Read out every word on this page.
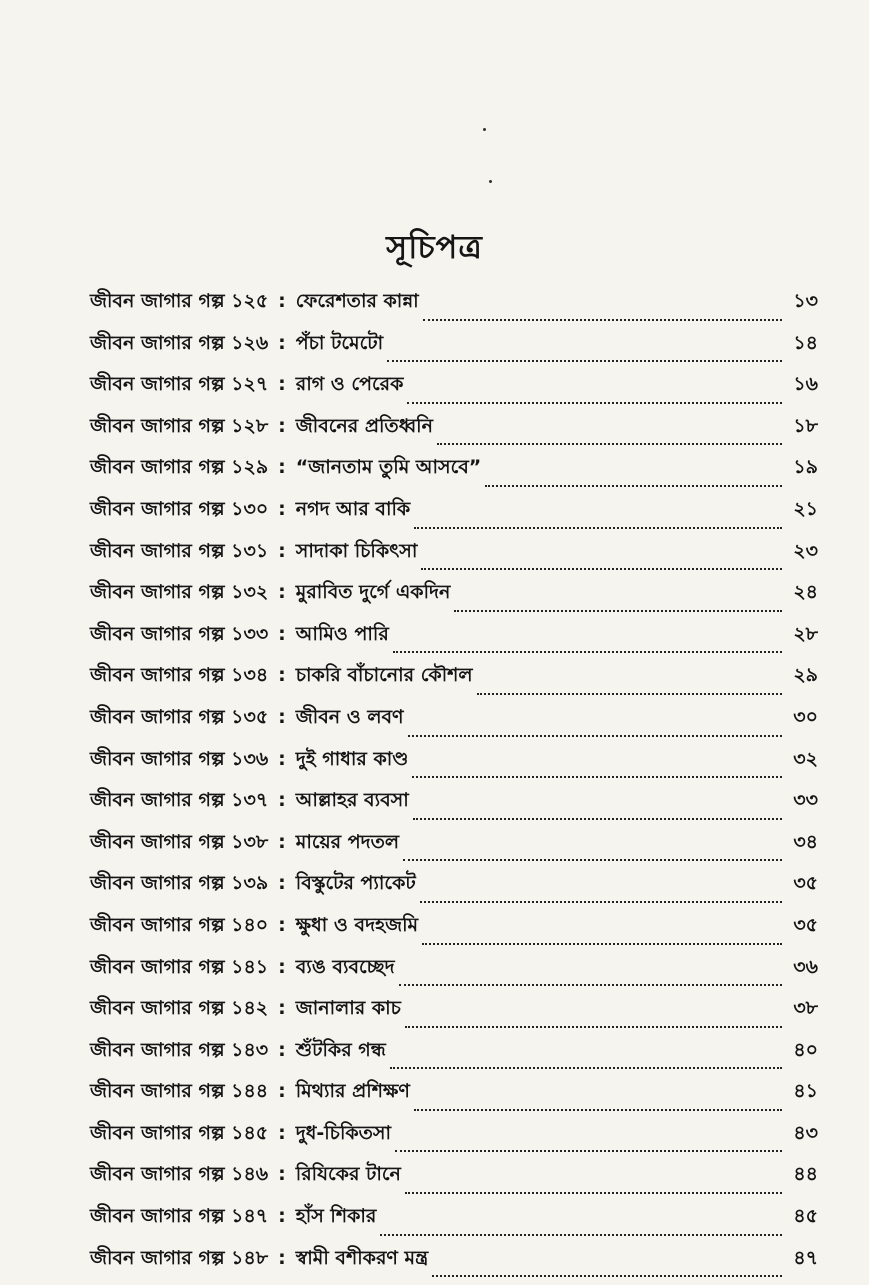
সূচিপত্র
জীবন জাগার গল্প ১২৫ : ফেরেশতার কান্না	১৩
জীবন জাগার গল্প ১২৬ : পঁচা টমেটো	১৪
জীবন জাগার গল্প ১২৭ : রাগ ও পেরেক	১৬
জীবন জাগার গল্প ১২৮ : জীবনের প্রতিধ্বনি	১৮
জীবন জাগার গল্প ১২৯ : “জানতাম তুমি আসবে”	১৯
জীবন জাগার গল্প ১৩০ : নগদ আর বাকি	২১
জীবন জাগার গল্প ১৩১ : সাদাকা চিকিৎসা	২৩
জীবন জাগার গল্প ১৩২ : মুরাবিত দুর্গে একদিন	২৪
জীবন জাগার গল্প ১৩৩ : আমিও পারি	২৮
জীবন জাগার গল্প ১৩৪ : চাকরি বাঁচানোর কৌশল	২৯
জীবন জাগার গল্প ১৩৫ : জীবন ও লবণ	৩০
জীবন জাগার গল্প ১৩৬ : দুই গাধার কাণ্ড	৩২
জীবন জাগার গল্প ১৩৭ : আল্লাহর ব্যবসা	৩৩
জীবন জাগার গল্প ১৩৮ : মায়ের পদতল	৩৪
জীবন জাগার গল্প ১৩৯ : বিস্কুটের প্যাকেট	৩৫
জীবন জাগার গল্প ১৪০ : ক্ষুধা ও বদহজমি	৩৫
জীবন জাগার গল্প ১৪১ : ব্যঙ ব্যবচ্ছেদ	৩৬
জীবন জাগার গল্প ১৪২ : জানালার কাচ	৩৮
জীবন জাগার গল্প ১৪৩ : শুঁটকির গন্ধ	৪০
জীবন জাগার গল্প ১৪৪ : মিথ্যার প্রশিক্ষণ	৪১
জীবন জাগার গল্প ১৪৫ : দুধ-চিকিতসা	৪৩
জীবন জাগার গল্প ১৪৬ : রিযিকের টানে	৪৪
জীবন জাগার গল্প ১৪৭ : হাঁস শিকার	৪৫
জীবন জাগার গল্প ১৪৮ : স্বামী বশীকরণ মন্ত্র	৪৭
